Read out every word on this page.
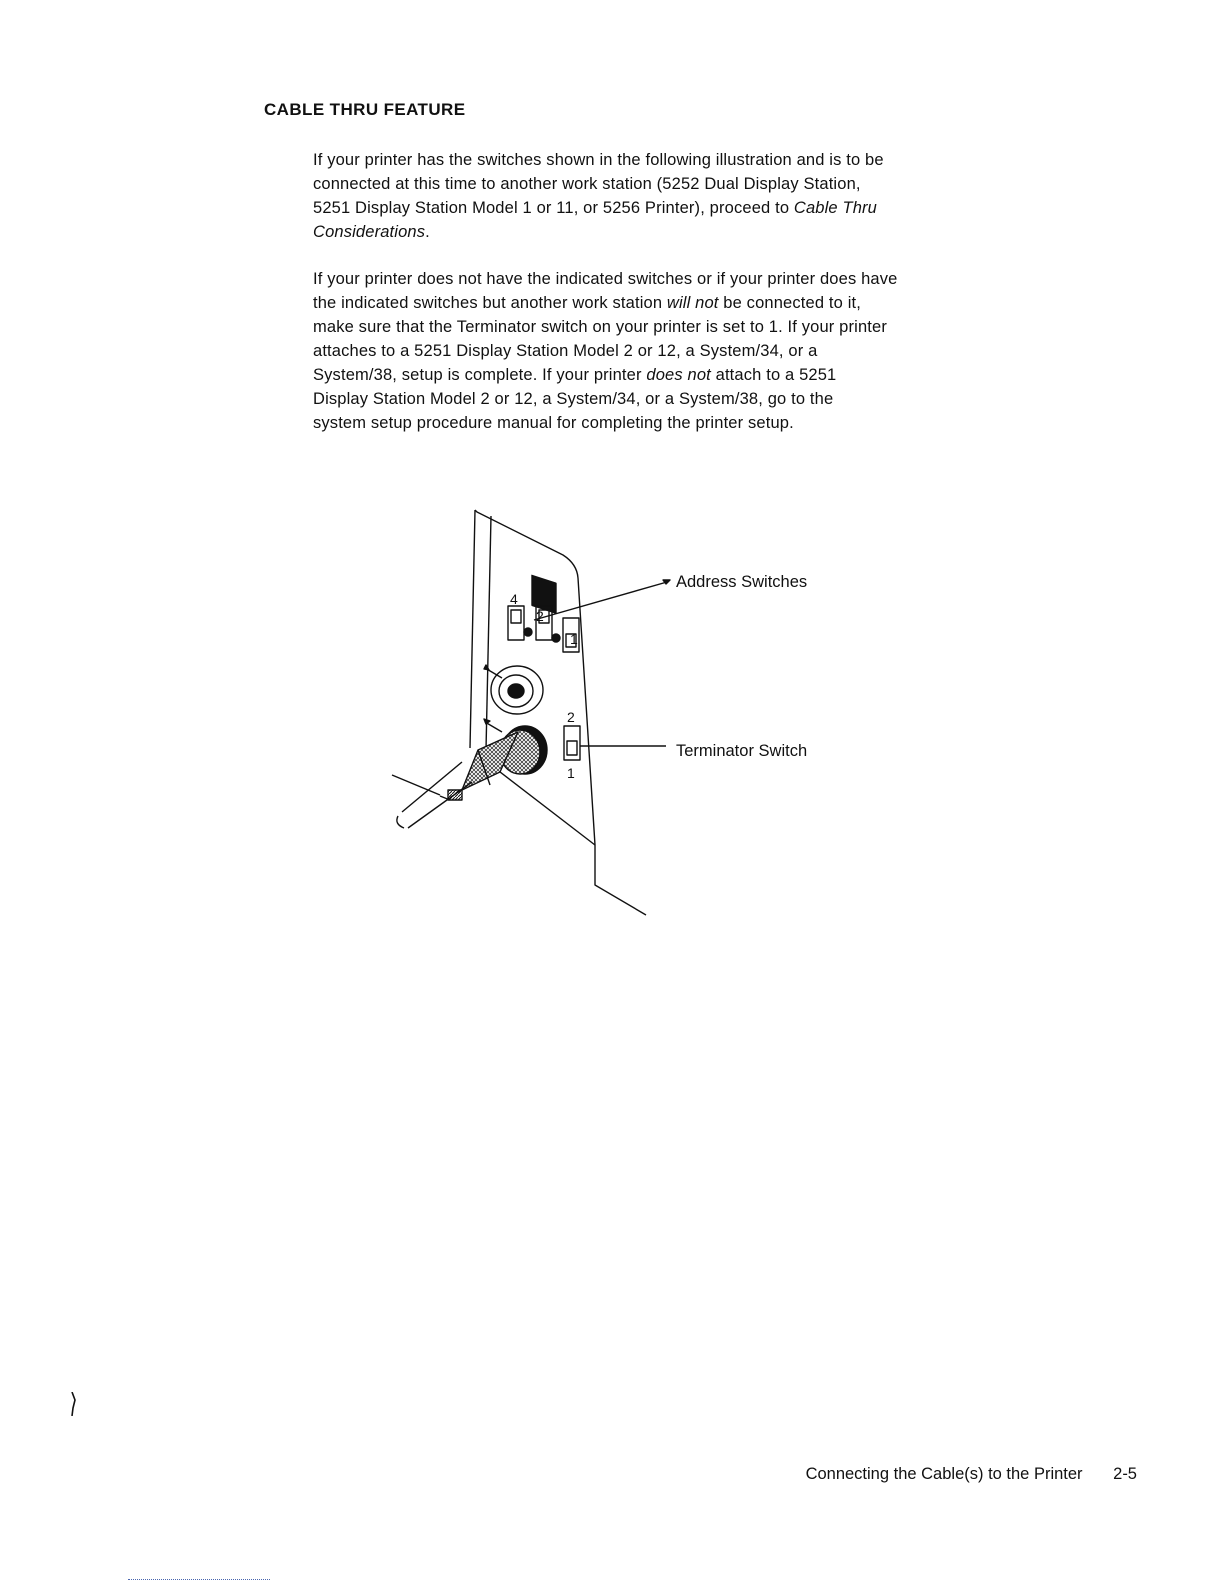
CABLE THRU FEATURE

If your printer has the switches shown in the following illustration and is to be
connected at this time to another work station (5252 Dual Display Station,
5251 Display Station Model 1 or 11, or 5256 Printer), proceed to Cable Thru
Considerations.

If your printer does not have the indicated switches or if your printer does have
the indicated switches but another work station will not be connected to it,
make sure that the Terminator switch on your printer is set to 1. If your printer
attaches to a 5251 Display Station Model 2 or 12, a System/34, or a
System/38, setup is complete. If your printer does not attach to a 5251
Display Station Model 2 or 12, a System/34, or a System/38, go to the
system setup procedure manual for completing the printer setup.

4
2
1
2
1
Address Switches
Terminator Switch
Connecting the Cable(s) to the Printer 2-5
